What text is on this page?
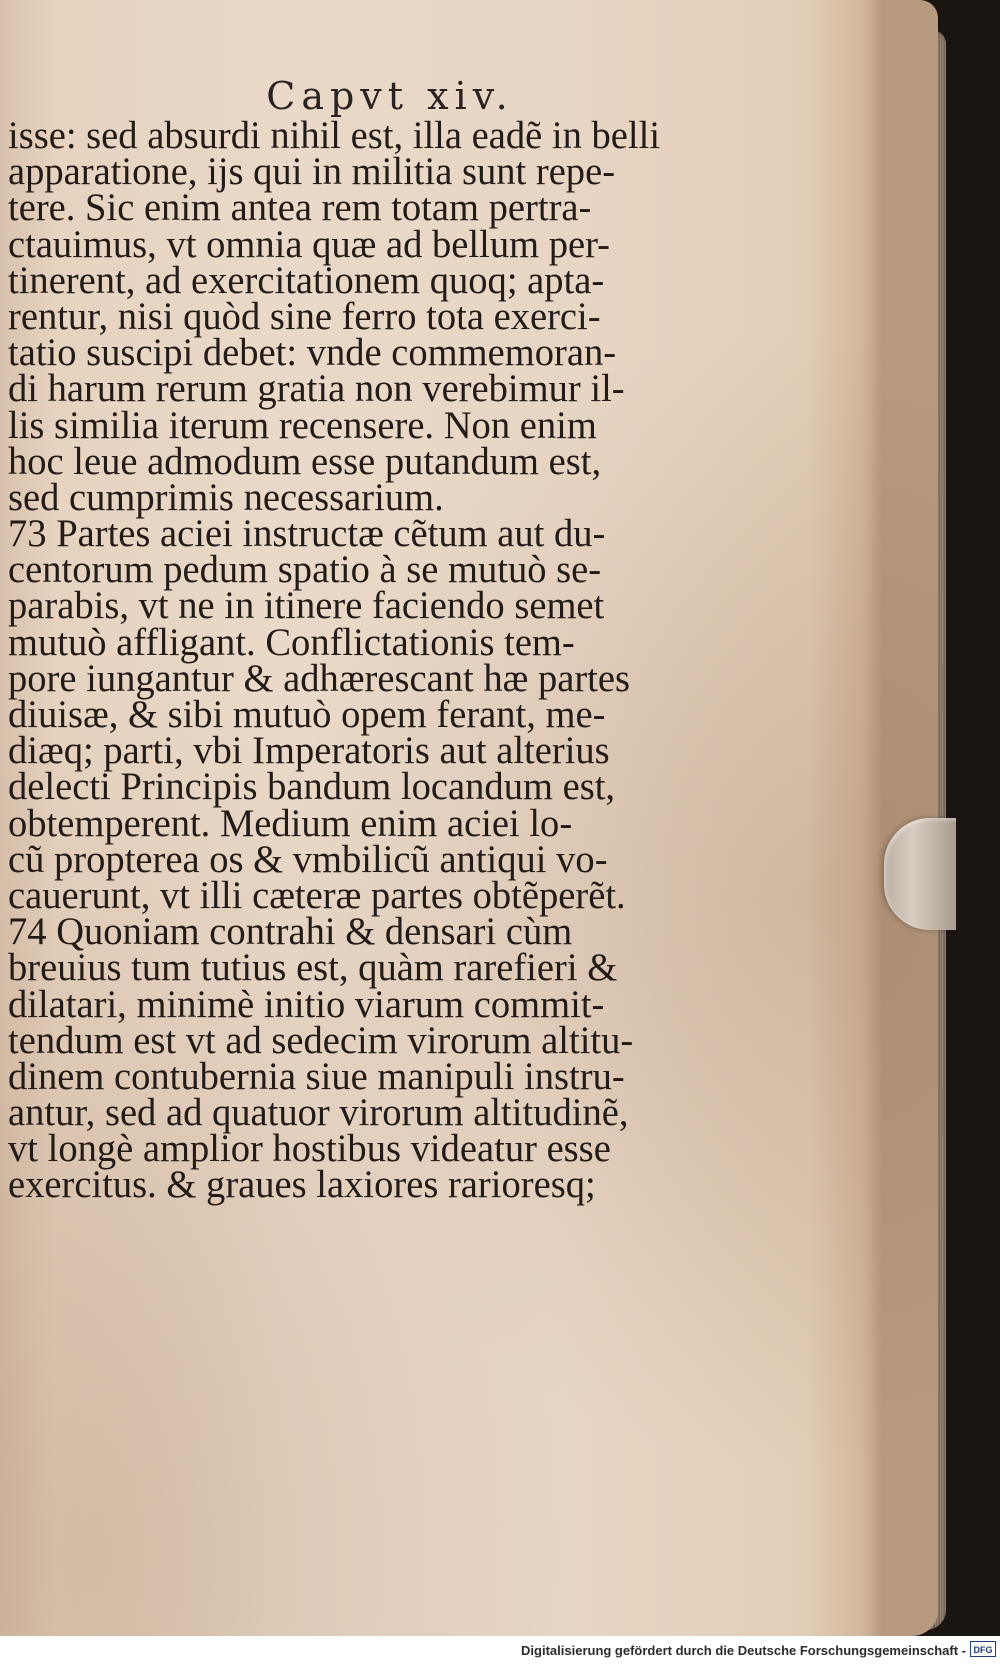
Capvt xiv.
isse: sed absurdi nihil est, illa eadẽ in belli
apparatione, ijs qui in militia sunt repe-
tere. Sic enim antea rem totam pertra-
ctauimus, vt omnia quæ ad bellum per-
tinerent, ad exercitationem quoq; apta-
rentur, nisi quòd sine ferro tota exerci-
tatio suscipi debet: vnde commemoran-
di harum rerum gratia non verebimur il-
lis similia iterum recensere. Non enim
hoc leue admodum esse putandum est,
sed cumprimis necessarium.
73 Partes aciei instructæ cẽtum aut du-
centorum pedum spatio à se mutuò se-
parabis, vt ne in itinere faciendo semet
mutuò affligant. Conflictationis tem-
pore iungantur & adhærescant hæ partes
diuisæ, & sibi mutuò opem ferant, me-
diæq; parti, vbi Imperatoris aut alterius
delecti Principis bandum locandum est,
obtemperent. Medium enim aciei lo-
cũ propterea os & vmbilicũ antiqui vo-
cauerunt, vt illi cæteræ partes obtẽperẽt.
74 Quoniam contrahi & densari cùm
breuius tum tutius est, quàm rarefieri &
dilatari, minimè initio viarum commit-
tendum est vt ad sedecim virorum altitu-
dinem contubernia siue manipuli instru-
antur, sed ad quatuor virorum altitudinẽ,
vt longè amplior hostibus videatur esse
exercitus. & graues laxiores rarioresq;
Digitalisierung gefördert durch die Deutsche Forschungsgemeinschaft - DFG
